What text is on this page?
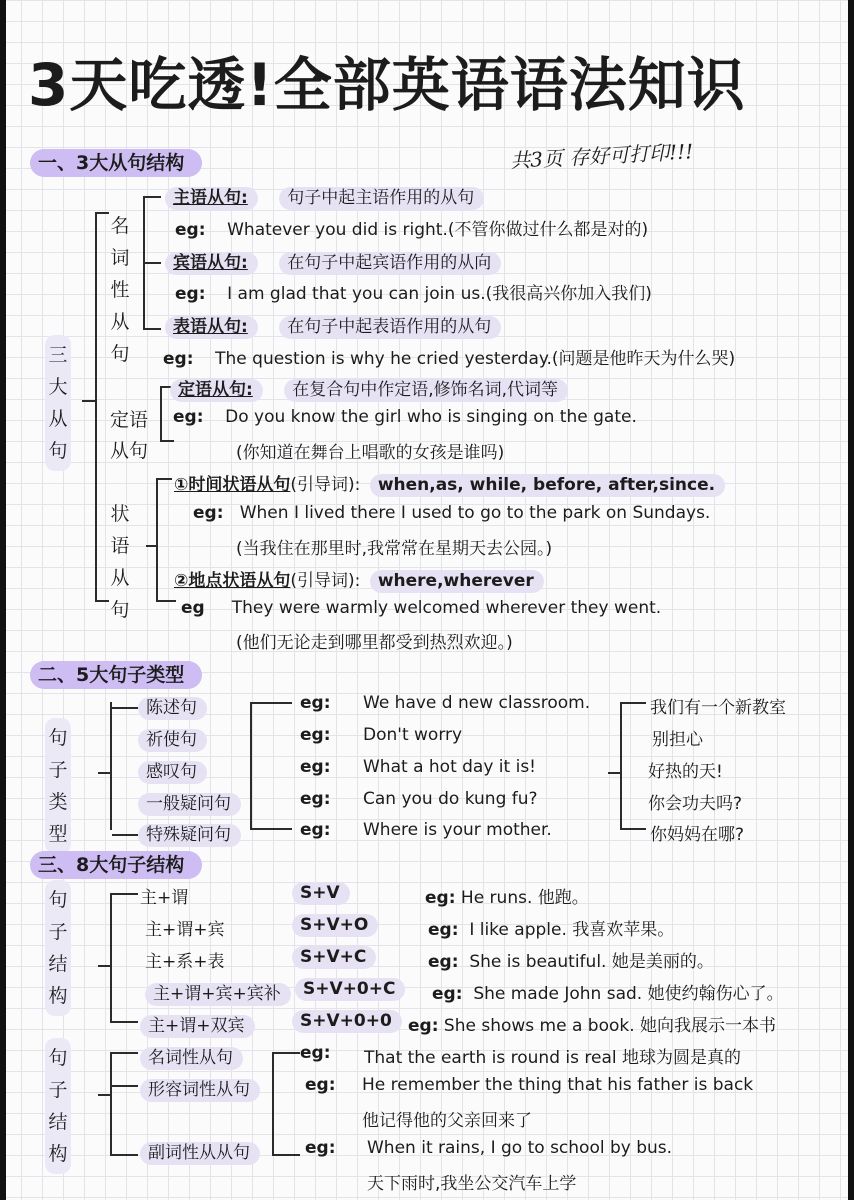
3天吃透!全部英语语法知识
共3页 存好可打印!!!
一、3大从句结构
三
大
从
句
名
词
性
从
句
主语从句: 句子中起主语作用的从句
eg: Whatever you did is right.(不管你做过什么都是对的)
宾语从句: 在句子中起宾语作用的从向
eg: I am glad that you can join us.(我很高兴你加入我们)
表语从句: 在句子中起表语作用的从句
eg: The question is why he cried yesterday.(问题是他昨天为什么哭)
定语
从句
定语从句: 在复合句中作定语,修饰名词,代词等
eg: Do you know the girl who is singing on the gate.
(你知道在舞台上唱歌的女孩是谁吗)
状
语
从
句
①时间状语从句(引导词): when,as, while, before, after,since.
eg: When I lived there I used to go to the park on Sundays.
(当我住在那里时,我常常在星期天去公园。)
②地点状语从句(引导词): where,wherever
eg They were warmly welcomed wherever they went.
(他们无论走到哪里都受到热烈欢迎。)
二、5大句子类型
句
子
类
型
陈述句
祈使句
感叹句
一般疑问句
特殊疑问句
eg: We have d new classroom.
eg: Don't worry
eg: What a hot day it is!
eg: Can you do kung fu?
eg: Where is your mother.
我们有一个新教室
别担心
好热的天!
你会功夫吗?
你妈妈在哪?
三、8大句子结构
句
子
结
构
主+谓
主+谓+宾
主+系+表
主+谓+宾+宾补
主+谓+双宾
S+V
S+V+O
S+V+C
S+V+0+C
S+V+0+0
eg: He runs. 他跑。
eg: I like apple. 我喜欢苹果。
eg: She is beautiful. 她是美丽的。
eg: She made John sad. 她使约翰伤心了。
eg: She shows me a book. 她向我展示一本书
句
子
结
构
名词性从句
形容词性从句
副词性从从句
eg: That the earth is round is real 地球为圆是真的
eg: He remember the thing that his father is back
他记得他的父亲回来了
eg: When it rains, I go to school by bus.
天下雨时,我坐公交汽车上学
